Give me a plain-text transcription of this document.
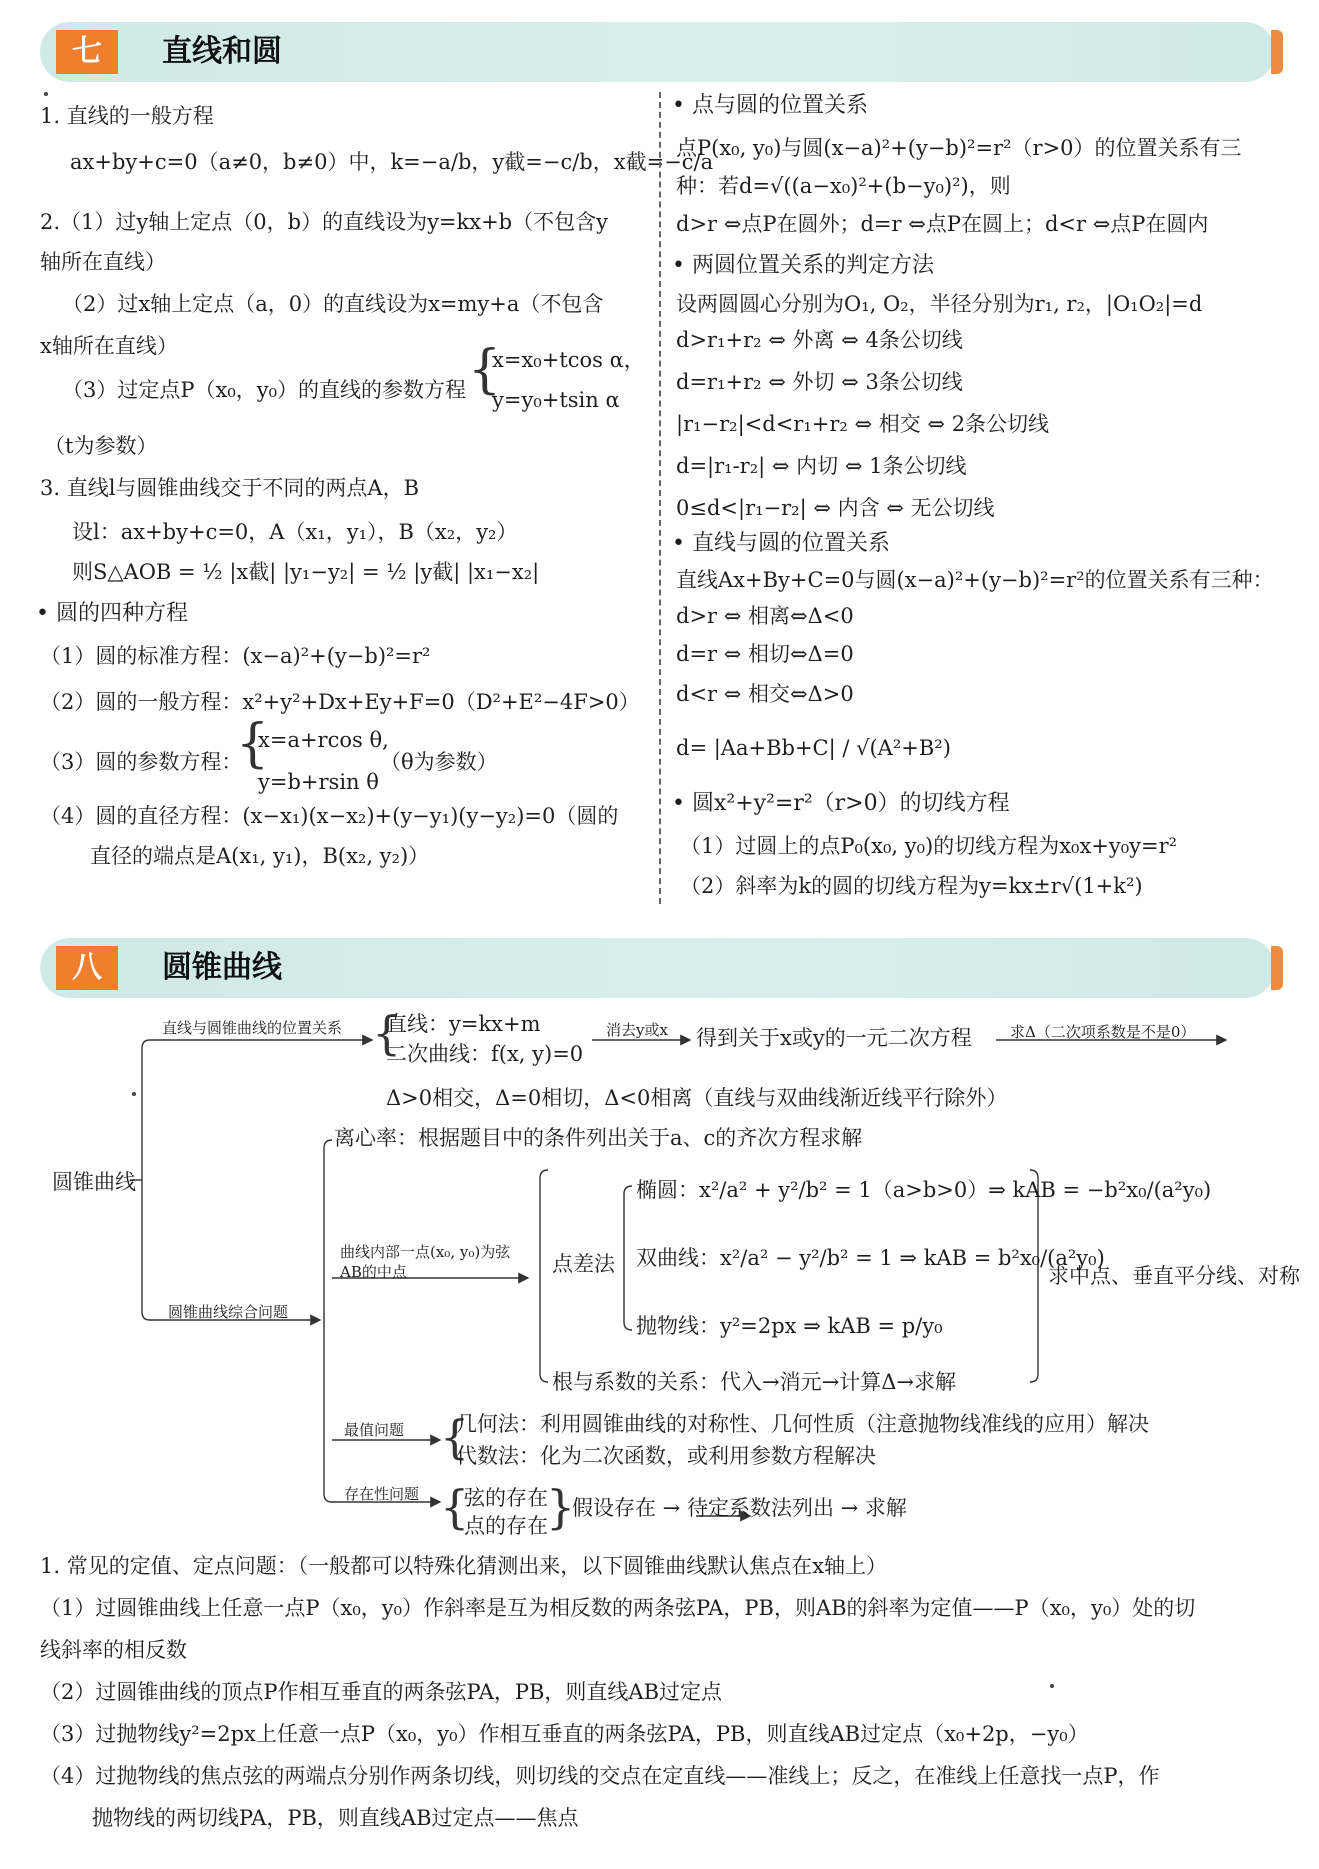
七	直线和圆
1. 直线的一般方程
ax+by+c=0（a≠0，b≠0）中，k=−a/b，y截=−c/b，x截=−c/a
2.（1）过y轴上定点（0，b）的直线设为y=kx+b（不包含y
轴所在直线）
（2）过x轴上定点（a，0）的直线设为x=my+a（不包含
x轴所在直线）
（3）过定点P（x₀，y₀）的直线的参数方程 {
x=x₀+tcos α，
y=y₀+tsin α
（t为参数）
3. 直线l与圆锥曲线交于不同的两点A，B
设l：ax+by+c=0，A（x₁，y₁），B（x₂，y₂）
则S△AOB = ½ |x截| |y₁−y₂| = ½ |y截| |x₁−x₂|
• 圆的四种方程
（1）圆的标准方程：(x−a)²+(y−b)²=r²
（2）圆的一般方程：x²+y²+Dx+Ey+F=0（D²+E²−4F>0）
（3）圆的参数方程：
{
x=a+rcos θ,
y=b+rsin θ
（θ为参数）
（4）圆的直径方程：(x−x₁)(x−x₂)+(y−y₁)(y−y₂)=0（圆的
直径的端点是A(x₁, y₁)，B(x₂, y₂)）
• 点与圆的位置关系
点P(x₀, y₀)与圆(x−a)²+(y−b)²=r²（r>0）的位置关系有三
种：若d=√((a−x₀)²+(b−y₀)²)，则
d>r ⇔点P在圆外；d=r ⇔点P在圆上；d<r ⇔点P在圆内
• 两圆位置关系的判定方法
设两圆圆心分别为O₁, O₂，半径分别为r₁, r₂，|O₁O₂|=d
d>r₁+r₂ ⇔ 外离 ⇔ 4条公切线
d=r₁+r₂ ⇔ 外切 ⇔ 3条公切线
|r₁−r₂|<d<r₁+r₂ ⇔ 相交 ⇔ 2条公切线
d=|r₁-r₂| ⇔ 内切 ⇔ 1条公切线
0≤d<|r₁−r₂| ⇔ 内含 ⇔ 无公切线
• 直线与圆的位置关系
直线Ax+By+C=0与圆(x−a)²+(y−b)²=r²的位置关系有三种：
d>r ⇔ 相离⇔Δ<0
d=r ⇔ 相切⇔Δ=0
d<r ⇔ 相交⇔Δ>0
d= |Aa+Bb+C| / √(A²+B²)
• 圆x²+y²=r²（r>0）的切线方程
（1）过圆上的点P₀(x₀, y₀)的切线方程为x₀x+y₀y=r²
（2）斜率为k的圆的切线方程为y=kx±r√(1+k²)
八	圆锥曲线
圆锥曲线
直线与圆锥曲线的位置关系 {
直线：y=kx+m
二次曲线：f(x, y)=0
消去y或x 得到关于x或y的一元二次方程	求Δ（二次项系数是不是0）
Δ>0相交，Δ=0相切，Δ<0相离（直线与双曲线渐近线平行除外）
圆锥曲线综合问题
离心率：根据题目中的条件列出关于a、c的齐次方程求解
曲线内部一点(x₀, y₀)为弦
AB的中点	点差法
椭圆：x²/a² + y²/b² = 1（a>b>0）⇒ kAB = −b²x₀/(a²y₀)
双曲线：x²/a² − y²/b² = 1 ⇒ kAB = b²x₀/(a²y₀)
抛物线：y²=2px ⇒ kAB = p/y₀
根与系数的关系：代入→消元→计算Δ→求解
求中点、垂直平分线、对称
最值问题 {
几何法：利用圆锥曲线的对称性、几何性质（注意抛物线准线的应用）解决
代数法：化为二次函数，或利用参数方程解决
存在性问题 {
弦的存在
点的存在
}
假设存在 → 待定系数法列出 → 求解
1. 常见的定值、定点问题：（一般都可以特殊化猜测出来，以下圆锥曲线默认焦点在x轴上）
（1）过圆锥曲线上任意一点P（x₀，y₀）作斜率是互为相反数的两条弦PA，PB，则AB的斜率为定值——P（x₀，y₀）处的切
线斜率的相反数
（2）过圆锥曲线的顶点P作相互垂直的两条弦PA，PB，则直线AB过定点
（3）过抛物线y²=2px上任意一点P（x₀，y₀）作相互垂直的两条弦PA，PB，则直线AB过定点（x₀+2p，−y₀）
（4）过抛物线的焦点弦的两端点分别作两条切线，则切线的交点在定直线——准线上；反之，在准线上任意找一点P，作
抛物线的两切线PA，PB，则直线AB过定点——焦点
